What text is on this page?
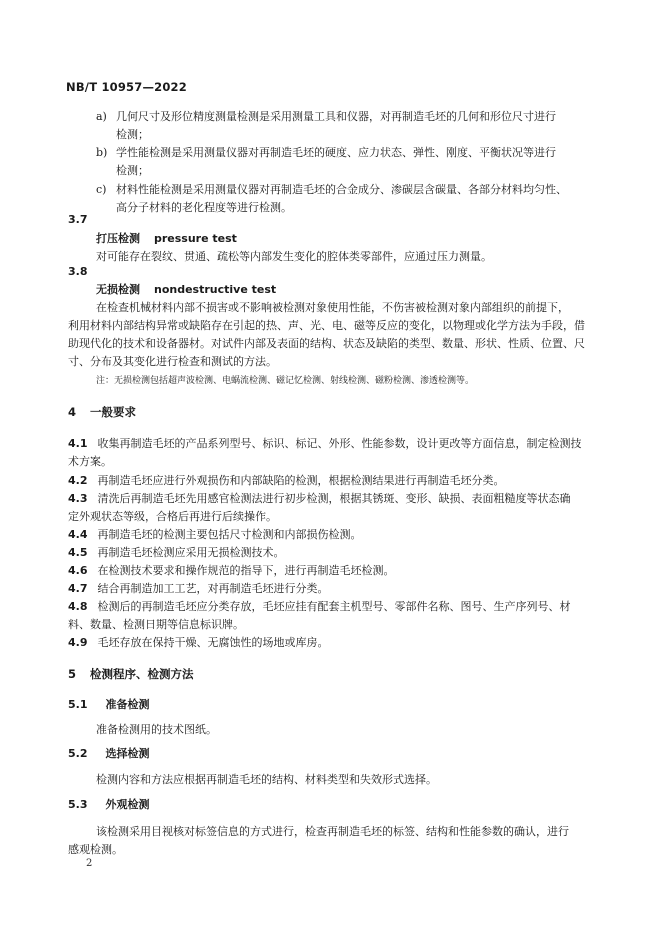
NB/T 10957—2022
a) 几何尺寸及形位精度测量检测是采用测量工具和仪器，对再制造毛坯的几何和形位尺寸进行
检测；
b) 学性能检测是采用测量仪器对再制造毛坯的硬度、应力状态、弹性、刚度、平衡状况等进行
检测；
c) 材料性能检测是采用测量仪器对再制造毛坯的合金成分、渗碳层含碳量、各部分材料均匀性、
高分子材料的老化程度等进行检测。
3.7
打压检测 pressure test
对可能存在裂纹、贯通、疏松等内部发生变化的腔体类零部件，应通过压力测量。
3.8
无损检测 nondestructive test
在检查机械材料内部不损害或不影响被检测对象使用性能，不伤害被检测对象内部组织的前提下，
利用材料内部结构异常或缺陷存在引起的热、声、光、电、磁等反应的变化，以物理或化学方法为手段，借
助现代化的技术和设备器材。对试件内部及表面的结构、状态及缺陷的类型、数量、形状、性质、位置、尺
寸、分布及其变化进行检查和测试的方法。
注：无损检测包括超声波检测、电蜗流检测、磁记忆检测、射线检测、磁粉检测、渗透检测等。
4 一般要求
4.1 收集再制造毛坯的产品系列型号、标识、标记、外形、性能参数，设计更改等方面信息，制定检测技
术方案。
4.2 再制造毛坯应进行外观损伤和内部缺陷的检测，根据检测结果进行再制造毛坯分类。
4.3 清洗后再制造毛坯先用感官检测法进行初步检测，根据其锈斑、变形、缺损、表面粗糙度等状态确
定外观状态等级，合格后再进行后续操作。
4.4 再制造毛坯的检测主要包括尺寸检测和内部损伤检测。
4.5 再制造毛坯检测应采用无损检测技术。
4.6 在检测技术要求和操作规范的指导下，进行再制造毛坯检测。
4.7 结合再制造加工工艺，对再制造毛坯进行分类。
4.8 检测后的再制造毛坯应分类存放，毛坯应挂有配套主机型号、零部件名称、图号、生产序列号、材
料、数量、检测日期等信息标识牌。
4.9 毛坯存放在保持干燥、无腐蚀性的场地或库房。
5 检测程序、检测方法
5.1 准备检测
准备检测用的技术图纸。
5.2 选择检测
检测内容和方法应根据再制造毛坯的结构、材料类型和失效形式选择。
5.3 外观检测
该检测采用目视核对标签信息的方式进行，检查再制造毛坯的标签、结构和性能参数的确认，进行
感观检测。
2
